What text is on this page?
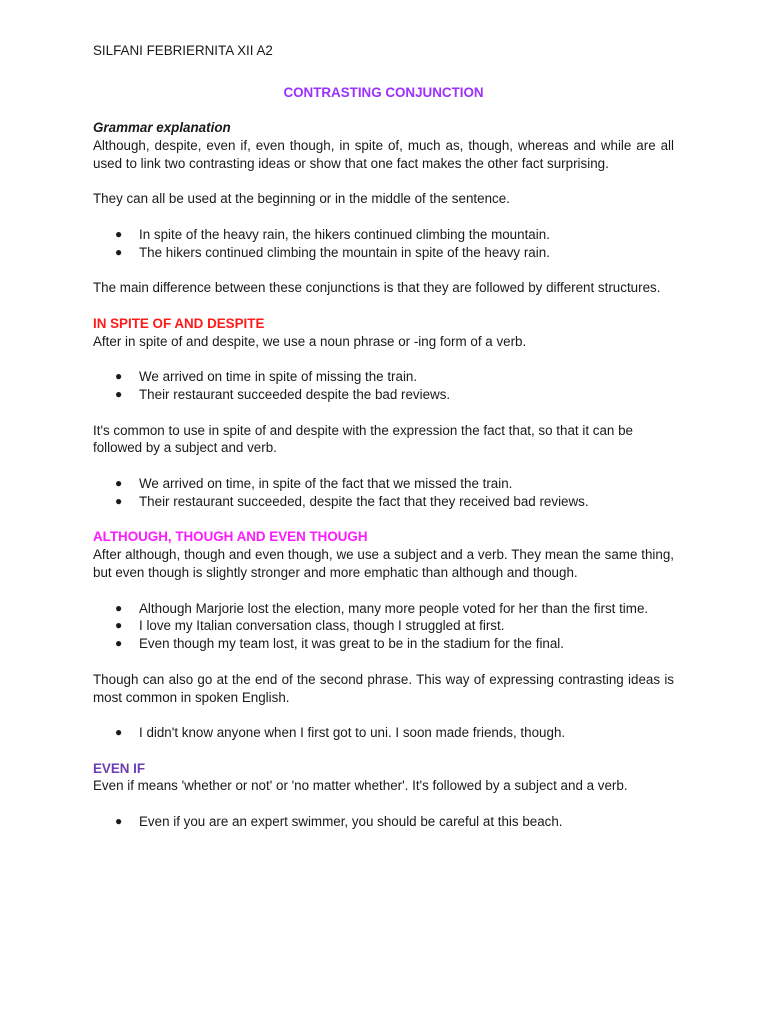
SILFANI FEBRIERNITA XII A2

CONTRASTING CONJUNCTION

Grammar explanation

Although, despite, even if, even though, in spite of, much as, though, whereas and while are all used to link two contrasting ideas or show that one fact makes the other fact surprising.

They can all be used at the beginning or in the middle of the sentence.

● In spite of the heavy rain, the hikers continued climbing the mountain.
● The hikers continued climbing the mountain in spite of the heavy rain.

The main difference between these conjunctions is that they are followed by different structures.

IN SPITE OF AND DESPITE

After in spite of and despite, we use a noun phrase or -ing form of a verb.

● We arrived on time in spite of missing the train.
● Their restaurant succeeded despite the bad reviews.

It's common to use in spite of and despite with the expression the fact that, so that it can be followed by a subject and verb.

● We arrived on time, in spite of the fact that we missed the train.
● Their restaurant succeeded, despite the fact that they received bad reviews.

ALTHOUGH, THOUGH AND EVEN THOUGH

After although, though and even though, we use a subject and a verb. They mean the same thing, but even though is slightly stronger and more emphatic than although and though.

● Although Marjorie lost the election, many more people voted for her than the first time.
● I love my Italian conversation class, though I struggled at first.
● Even though my team lost, it was great to be in the stadium for the final.

Though can also go at the end of the second phrase. This way of expressing contrasting ideas is most common in spoken English.

● I didn't know anyone when I first got to uni. I soon made friends, though.

EVEN IF

Even if means 'whether or not' or 'no matter whether'. It's followed by a subject and a verb.

● Even if you are an expert swimmer, you should be careful at this beach.
